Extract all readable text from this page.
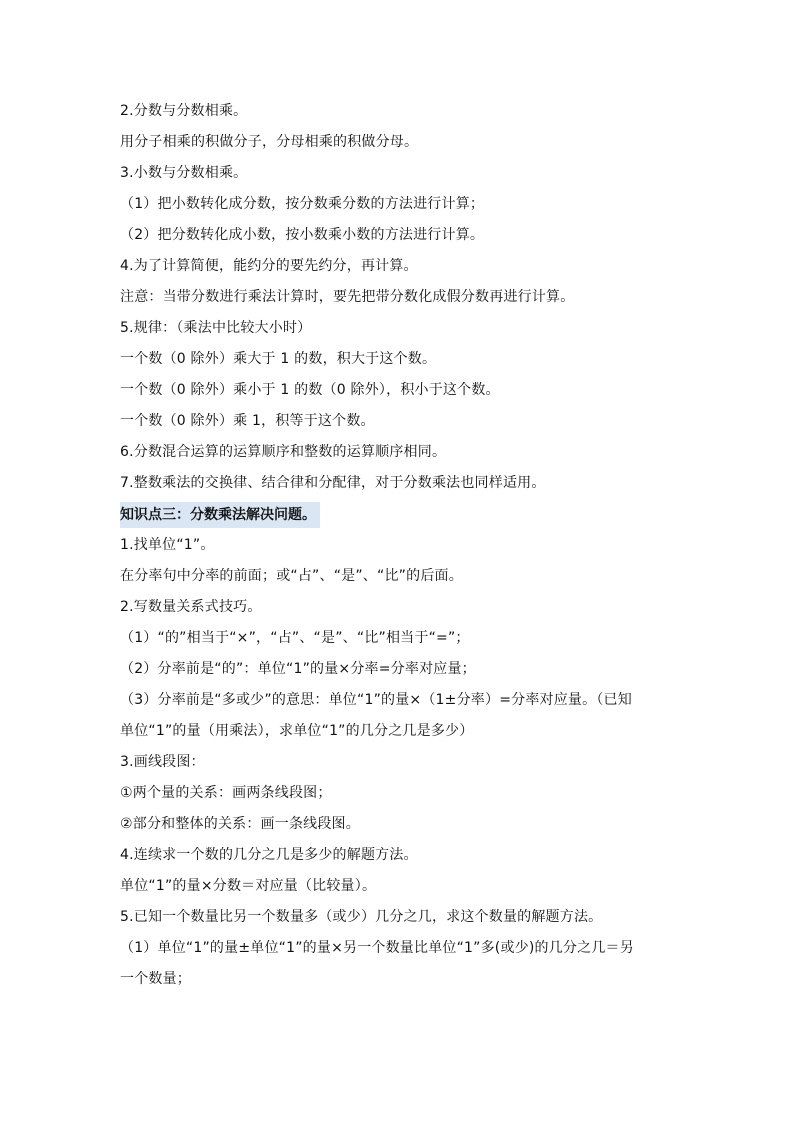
2.分数与分数相乘。
用分子相乘的积做分子，分母相乘的积做分母。
3.小数与分数相乘。
（1）把小数转化成分数，按分数乘分数的方法进行计算；
（2）把分数转化成小数，按小数乘小数的方法进行计算。
4.为了计算简便，能约分的要先约分，再计算。
注意：当带分数进行乘法计算时，要先把带分数化成假分数再进行计算。
5.规律：（乘法中比较大小时）
一个数（0 除外）乘大于 1 的数，积大于这个数。
一个数（0 除外）乘小于 1 的数（0 除外），积小于这个数。
一个数（0 除外）乘 1，积等于这个数。
6.分数混合运算的运算顺序和整数的运算顺序相同。
7.整数乘法的交换律、结合律和分配律，对于分数乘法也同样适用。
知识点三：分数乘法解决问题。
1.找单位“1”。
在分率句中分率的前面；或“占”、“是”、“比”的后面。
2.写数量关系式技巧。
（1）“的”相当于“×”，“占”、“是”、“比”相当于“=”；
（2）分率前是“的”：单位“1”的量×分率=分率对应量；
（3）分率前是“多或少”的意思：单位“1”的量×（1±分率）=分率对应量。（已知
单位“1”的量（用乘法），求单位“1”的几分之几是多少）
3.画线段图：
①两个量的关系：画两条线段图；
②部分和整体的关系：画一条线段图。
4.连续求一个数的几分之几是多少的解题方法。
单位“1”的量×分数＝对应量（比较量）。
5.已知一个数量比另一个数量多（或少）几分之几，求这个数量的解题方法。
（1）单位“1”的量±单位“1”的量×另一个数量比单位“1”多(或少)的几分之几＝另
一个数量；
